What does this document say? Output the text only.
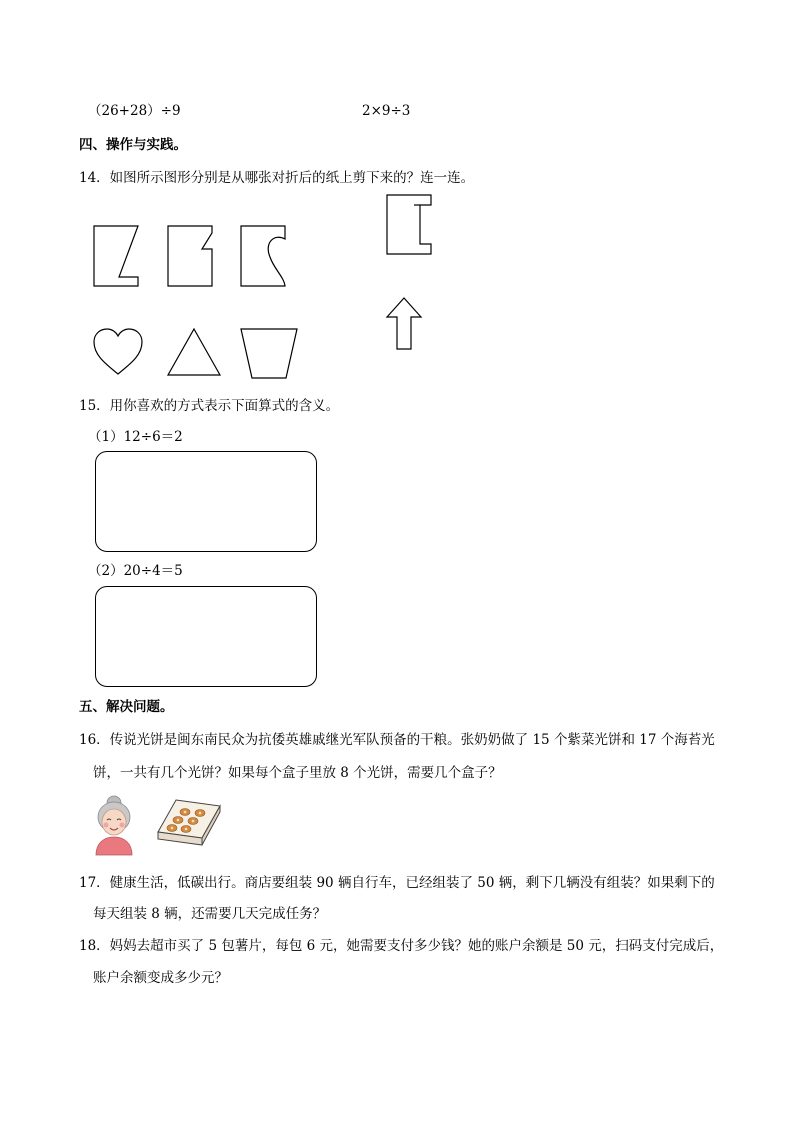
（26+28）÷9	2×9÷3
四、操作与实践。
14．如图所示图形分别是从哪张对折后的纸上剪下来的？连一连。
15．用你喜欢的方式表示下面算式的含义。
（1）12÷6＝2
（2）20÷4＝5
五、解决问题。
16．传说光饼是闽东南民众为抗倭英雄戚继光军队预备的干粮。张奶奶做了 15 个紫菜光饼和 17 个海苔光
饼，一共有几个光饼？如果每个盒子里放 8 个光饼，需要几个盒子？
17．健康生活，低碳出行。商店要组装 90 辆自行车，已经组装了 50 辆，剩下几辆没有组装？如果剩下的
每天组装 8 辆，还需要几天完成任务？
18．妈妈去超市买了 5 包薯片，每包 6 元，她需要支付多少钱？她的账户余额是 50 元，扫码支付完成后，
账户余额变成多少元？
